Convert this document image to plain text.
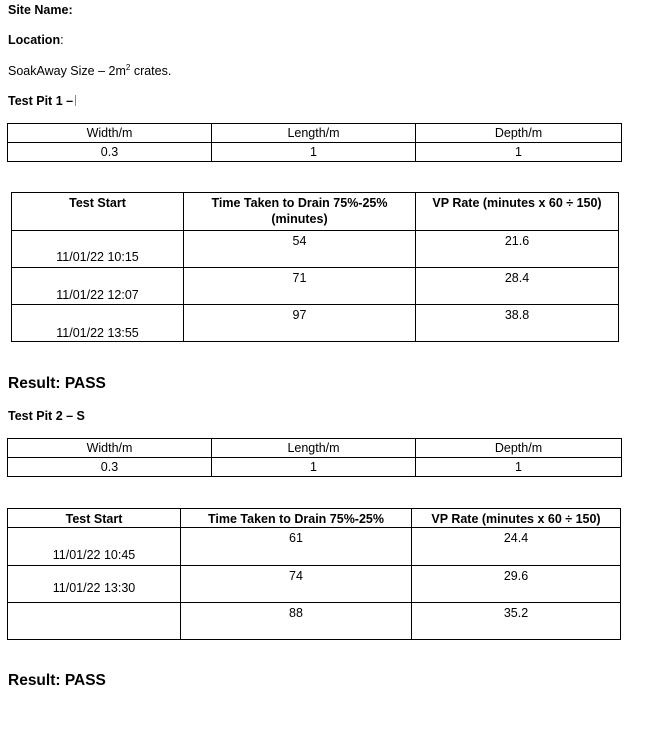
Site Name:
Location:
SoakAway Size – $2m^2$ crates.
Test Pit 1 –
Width/m	Length/m	Depth/m
0.3	1	1
Test Start	Time Taken to Drain 75%-25% (minutes)	VP Rate (minutes x 60 ÷ 150)

11/01/22 10:15	54	21.6

11/01/22 12:07	71	28.4

11/01/22 13:55	97	38.8
Result: PASS
Test Pit 2 – S
Width/m	Length/m	Depth/m
0.3	1	1
Test Start	Time Taken to Drain 75%-25%	VP Rate (minutes x 60 ÷ 150)

11/01/22 10:45	61	24.4

11/01/22 13:30	74	29.6

	88	35.2
Result: PASS
